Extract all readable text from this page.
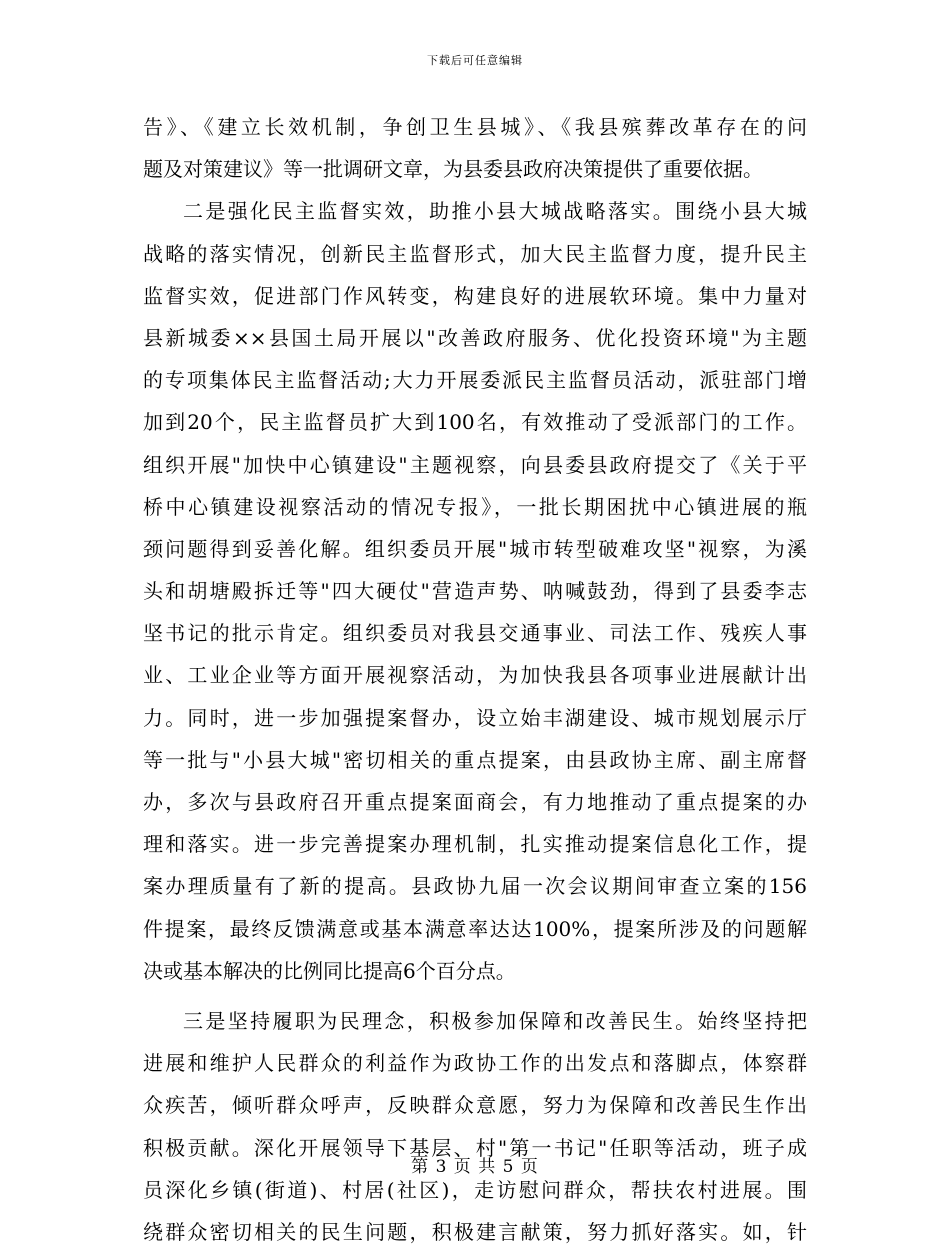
下载后可任意编辑
告》、《建立长效机制，争创卫生县城》、《我县殡葬改革存在的问
题及对策建议》等一批调研文章，为县委县政府决策提供了重要依据。
二是强化民主监督实效，助推小县大城战略落实。围绕小县大城
战略的落实情况，创新民主监督形式，加大民主监督力度，提升民主
监督实效，促进部门作风转变，构建良好的进展软环境。集中力量对
县新城委××县国土局开展以"改善政府服务、优化投资环境"为主题
的专项集体民主监督活动;大力开展委派民主监督员活动，派驻部门增
加到20个，民主监督员扩大到100名，有效推动了受派部门的工作。
组织开展"加快中心镇建设"主题视察，向县委县政府提交了《关于平
桥中心镇建设视察活动的情况专报》，一批长期困扰中心镇进展的瓶
颈问题得到妥善化解。组织委员开展"城市转型破难攻坚"视察，为溪
头和胡塘殿拆迁等"四大硬仗"营造声势、呐喊鼓劲，得到了县委李志
坚书记的批示肯定。组织委员对我县交通事业、司法工作、残疾人事
业、工业企业等方面开展视察活动，为加快我县各项事业进展献计出
力。同时，进一步加强提案督办，设立始丰湖建设、城市规划展示厅
等一批与"小县大城"密切相关的重点提案，由县政协主席、副主席督
办，多次与县政府召开重点提案面商会，有力地推动了重点提案的办
理和落实。进一步完善提案办理机制，扎实推动提案信息化工作，提
案办理质量有了新的提高。县政协九届一次会议期间审查立案的156
件提案，最终反馈满意或基本满意率达达100%，提案所涉及的问题解
决或基本解决的比例同比提高6个百分点。
三是坚持履职为民理念，积极参加保障和改善民生。始终坚持把
进展和维护人民群众的利益作为政协工作的出发点和落脚点，体察群
众疾苦，倾听群众呼声，反映群众意愿，努力为保障和改善民生作出
积极贡献。深化开展领导下基层、村"第一书记"任职等活动，班子成
员深化乡镇(街道)、村居(社区)，走访慰问群众，帮扶农村进展。围
绕群众密切相关的民生问题，积极建言献策，努力抓好落实。如，针
第 3 页 共 5 页
